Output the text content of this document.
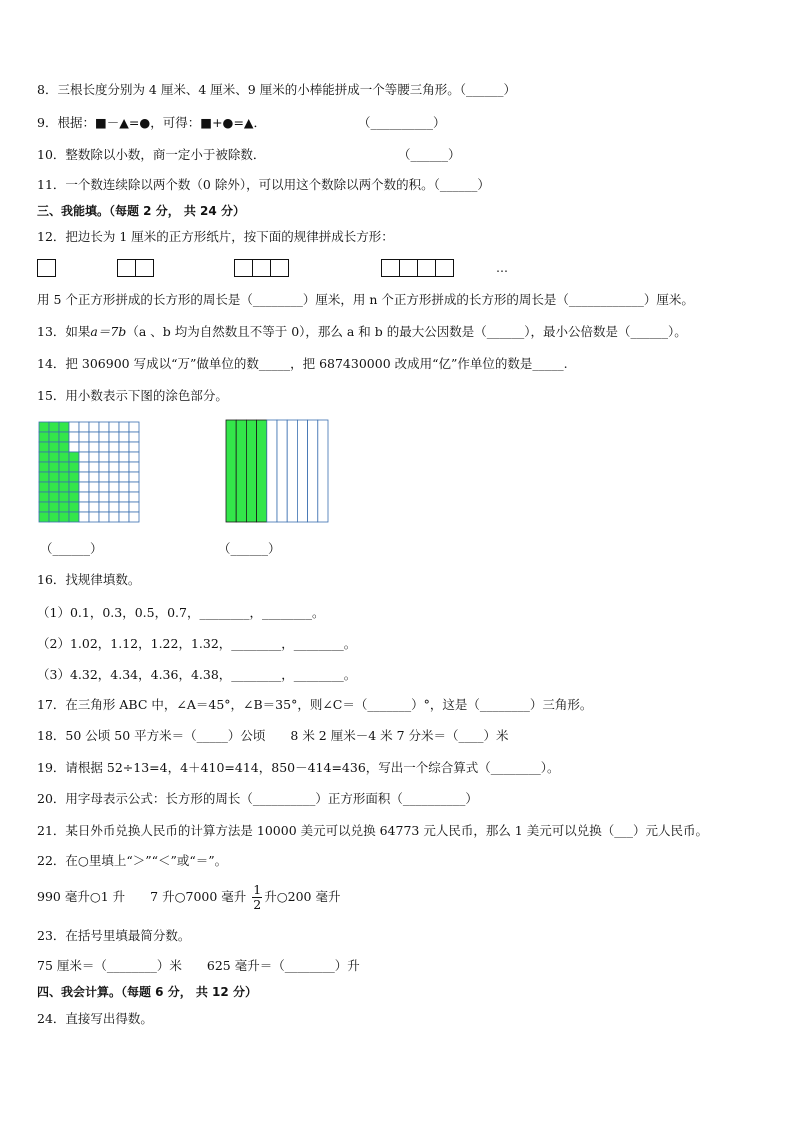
8．三根长度分别为 4 厘米、4 厘米、9 厘米的小棒能拼成一个等腰三角形。（______）
9．根据：■－▲=●，可得：■+●=▲．	（__________）
10．整数除以小数，商一定小于被除数．	（______）
11．一个数连续除以两个数（0 除外），可以用这个数除以两个数的积。（______）
三、我能填。（每题 2 分， 共 24 分）
12．把边长为 1 厘米的正方形纸片，按下面的规律拼成长方形：
…
用 5 个正方形拼成的长方形的周长是（________）厘米，用 n 个正方形拼成的长方形的周长是（____________）厘米。
13．如果a＝7b（a 、b 均为自然数且不等于 0），那么 a 和 b 的最大公因数是（______），最小公倍数是（______）。
14．把 306900 写成以“万”做单位的数_____，把 687430000 改成用“亿”作单位的数是_____.
15．用小数表示下图的涂色部分。
（______）	（______）
16．找规律填数。
（1）0.1，0.3，0.5，0.7，________，________。
（2）1.02，1.12，1.22，1.32，________，________。
（3）4.32，4.34，4.36，4.38，________，________。
17．在三角形 ABC 中，∠A＝45°，∠B＝35°，则∠C＝（_______）°，这是（________）三角形。
18．50 公顷 50 平方米＝（_____）公顷　　8 米 2 厘米－4 米 7 分米＝（____）米
19．请根据 52÷13=4，4＋410=414，850－414=436，写出一个综合算式（________）。
20．用字母表示公式：长方形的周长（__________）正方形面积（__________）
21．某日外币兑换人民币的计算方法是 10000 美元可以兑换 64773 元人民币，那么 1 美元可以兑换（___）元人民币。
22．在○里填上“＞”“＜”或“＝”。
990 毫升○1 升　　7 升○7000 毫升 $\frac{1}{2}$ 升○200 毫升
23．在括号里填最简分数。
75 厘米＝（________）米　　625 毫升＝（________）升
四、我会计算。（每题 6 分， 共 12 分）
24．直接写出得数。
